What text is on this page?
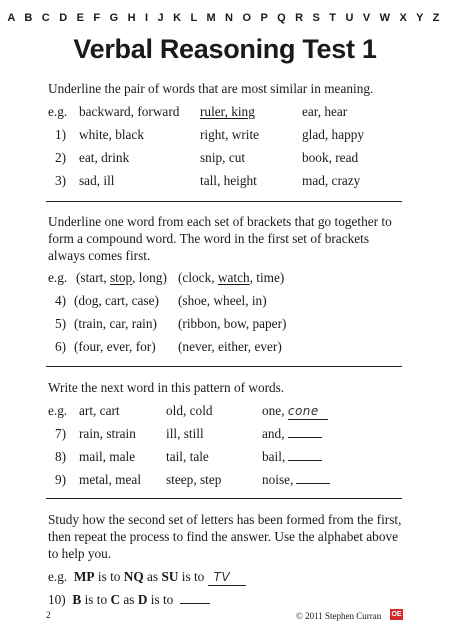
A B C D E F G H I J K L M N O P Q R S T U V W X Y Z
Verbal Reasoning Test 1
Underline the pair of words that are most similar in meaning.
e.g. backward, forward ruler, king	ear, hear
1) white, black	right, write	glad, happy
2) eat, drink	snip, cut	book, read
3) sad, ill	tall, height	mad, crazy
Underline one word from each set of brackets that go together to form a compound word. The word in the first set of brackets always comes first.
e.g. (start, stop, long) (clock, watch, time)
4) (dog, cart, case) (shoe, wheel, in)
5) (train, car, rain) (ribbon, bow, paper)
6) (four, ever, for) (never, either, ever)
Write the next word in this pattern of words.
e.g. art, cart	old, cold	one, cone
7) rain, strain ill, still	and,
8) mail, male tail, tale	bail,
9) metal, meal steep, step	noise,
Study how the second set of letters has been formed from the first, then repeat the process to find the answer. Use the alphabet above to help you.
e.g. MP is to NQ as SU is to TV
10) B is to C as D is to
2	© 2011 Stephen Curran OE
